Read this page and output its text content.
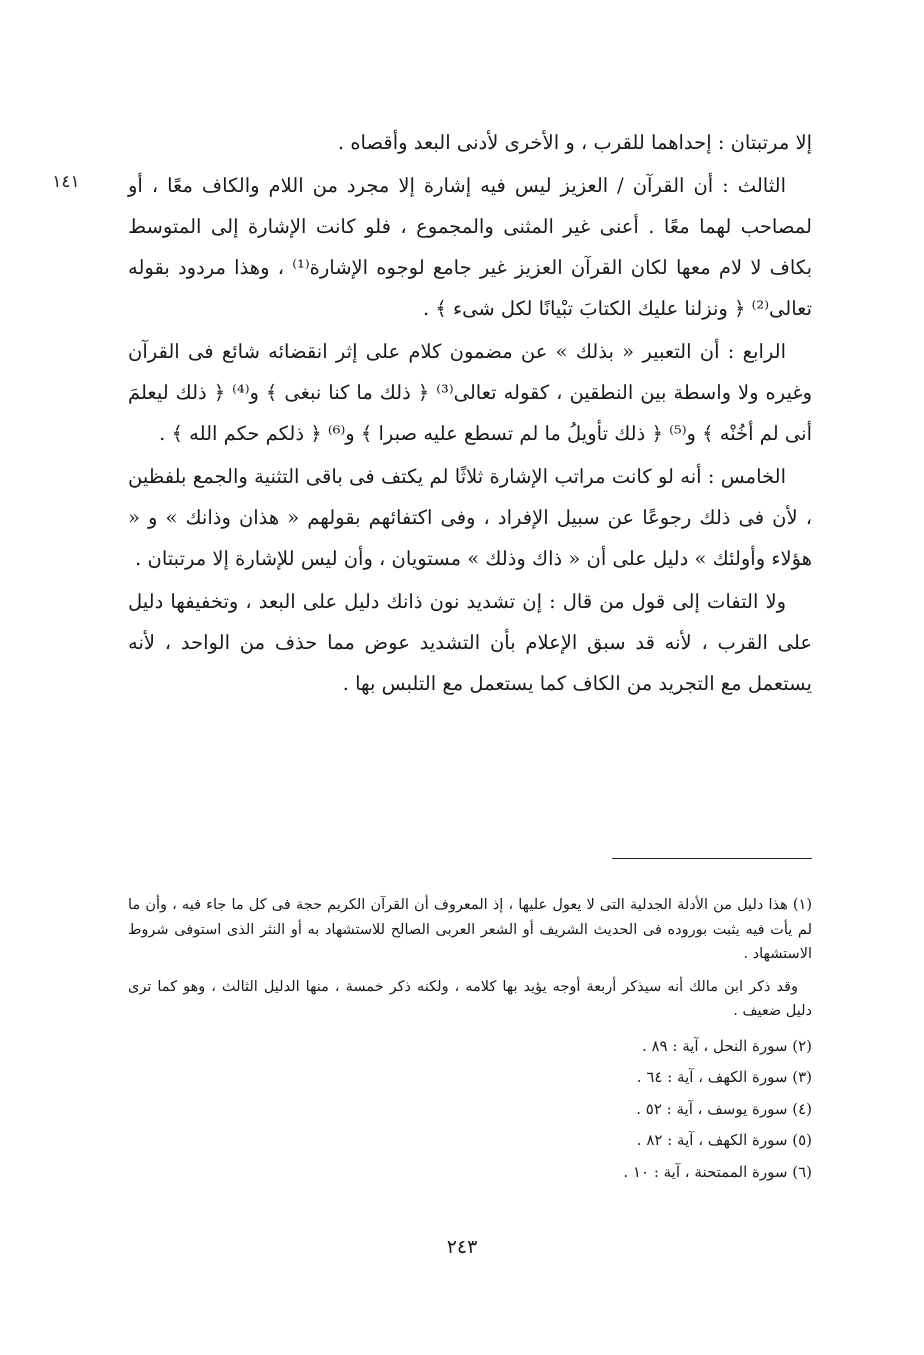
١٤١

إلا مرتبتان : إحداهما للقرب ، و الأخرى لأدنى البعد وأقصاه .

الثالث : أن القرآن / العزيز ليس فيه إشارة إلا مجرد من اللام والكاف معًا ، أو لمصاحب لهما معًا . أعنى غير المثنى والمجموع ، فلو كانت الإشارة إلى المتوسط بكاف لا لام معها لكان القرآن العزيز غير جامع لوجوه الإشارة⁽¹⁾ ، وهذا مردود بقوله تعالى⁽²⁾ ﴿ ونزلنا عليك الكتابَ تبْيانًا لكل شىء ﴾ .

الرابع : أن التعبير « بذلك » عن مضمون كلام على إثر انقضائه شائع فى القرآن وغيره ولا واسطة بين النطقين ، كقوله تعالى⁽³⁾ ﴿ ذلك ما كنا نبغى ﴾ و⁽⁴⁾ ﴿ ذلك ليعلمَ أنى لم أخُنْه ﴾ و⁽⁵⁾ ﴿ ذلك تأويلُ ما لم تسطع عليه صبرا ﴾ و⁽⁶⁾ ﴿ ذلكم حكم الله ﴾ .

الخامس : أنه لو كانت مراتب الإشارة ثلاثًا لم يكتف فى باقى التثنية والجمع بلفظين ، لأن فى ذلك رجوعًا عن سبيل الإفراد ، وفى اكتفائهم بقولهم « هذان وذانك » و « هؤلاء وأولئك » دليل على أن « ذاك وذلك » مستويان ، وأن ليس للإشارة إلا مرتبتان .

ولا التفات إلى قول من قال : إن تشديد نون ذانك دليل على البعد ، وتخفيفها دليل على القرب ، لأنه قد سبق الإعلام بأن التشديد عوض مما حذف من الواحد ، لأنه يستعمل مع التجريد من الكاف كما يستعمل مع التلبس بها .

(١) هذا دليل من الأدلة الجدلية التى لا يعول عليها ، إذ المعروف أن القرآن الكريم حجة فى كل ما جاء فيه ، وأن ما لم يأت فيه يثبت بوروده فى الحديث الشريف أو الشعر العربى الصالح للاستشهاد به أو النثر الذى استوفى شروط الاستشهاد .

وقد ذكر ابن مالك أنه سيذكر أربعة أوجه يؤيد بها كلامه ، ولكنه ذكر خمسة ، منها الدليل الثالث ، وهو كما ترى دليل ضعيف .

(٢) سورة النحل ، آية : ٨٩ .

(٣) سورة الكهف ، آية : ٦٤ .

(٤) سورة يوسف ، آية : ٥٢ .

(٥) سورة الكهف ، آية : ٨٢ .

(٦) سورة الممتحنة ، آية : ١٠ .

٢٤٣
